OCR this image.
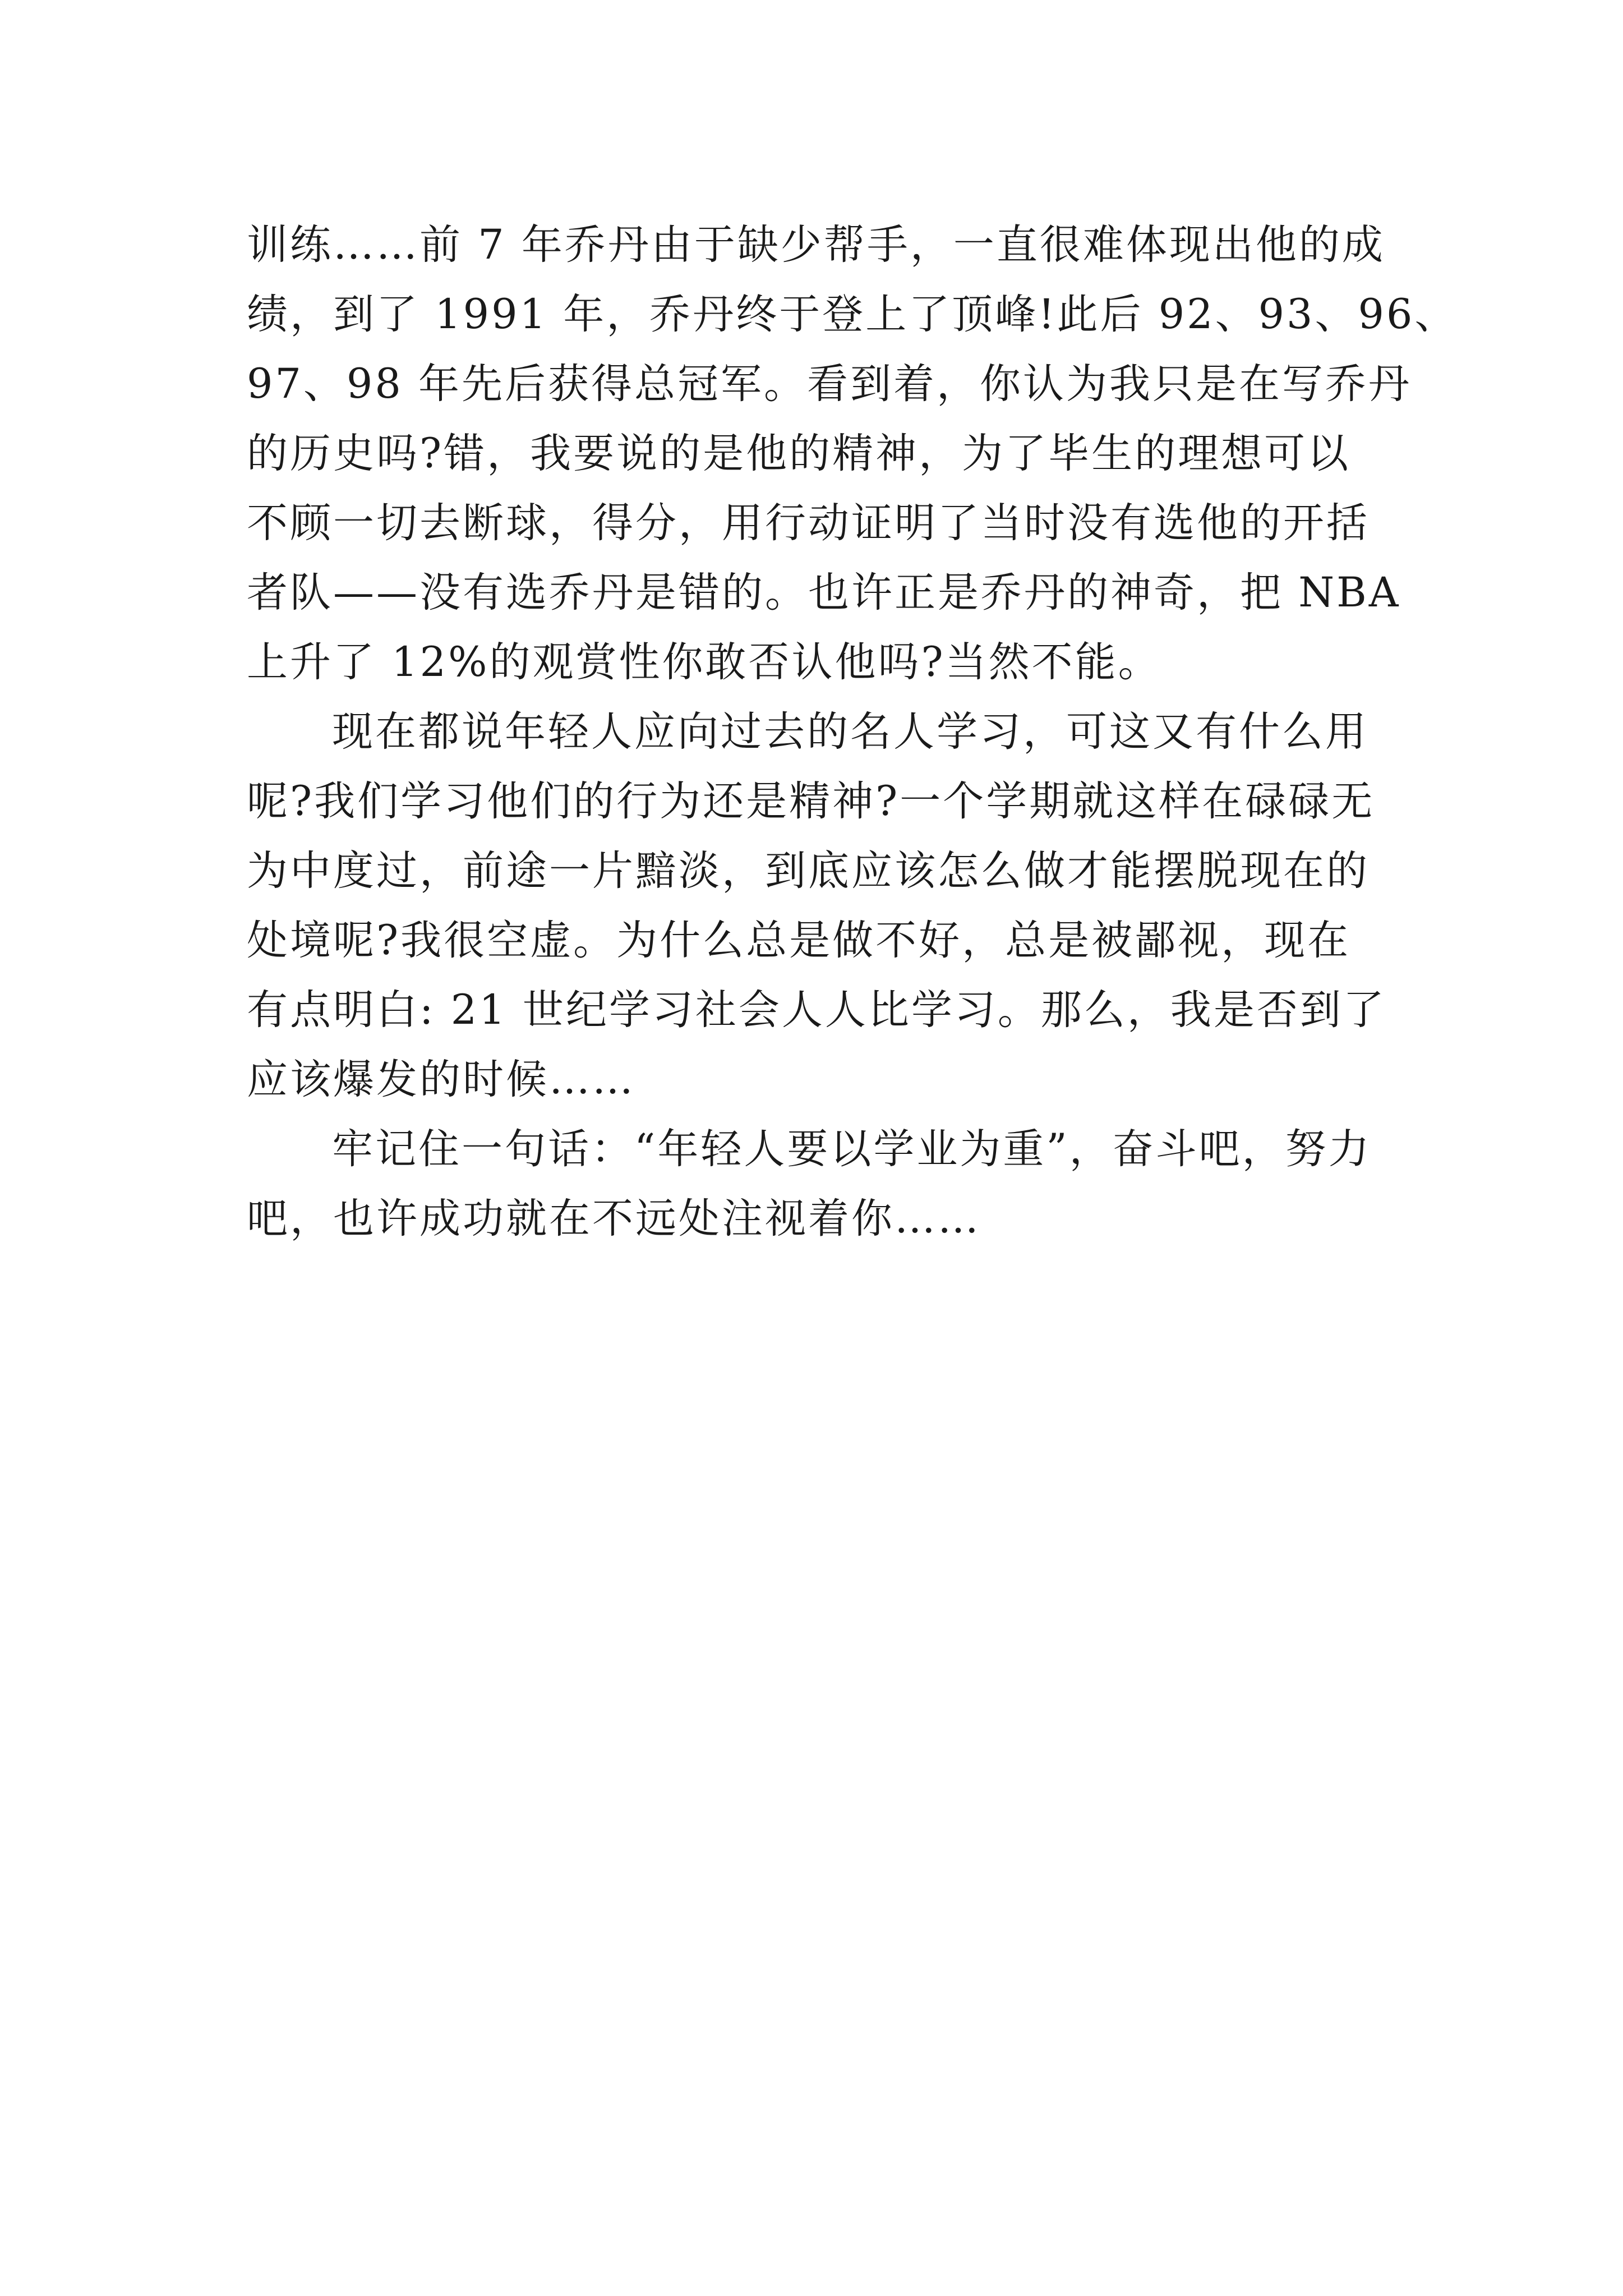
训练……前 7 年乔丹由于缺少帮手，一直很难体现出他的成
绩，到了 1991 年，乔丹终于登上了顶峰!此后 92、93、96、
97、98 年先后获得总冠军。看到着，你认为我只是在写乔丹
的历史吗?错，我要说的是他的精神，为了毕生的理想可以
不顾一切去断球，得分，用行动证明了当时没有选他的开括
者队——没有选乔丹是错的。也许正是乔丹的神奇，把 NBA
上升了 12%的观赏性你敢否认他吗?当然不能。
现在都说年轻人应向过去的名人学习，可这又有什么用
呢?我们学习他们的行为还是精神?一个学期就这样在碌碌无
为中度过，前途一片黯淡，到底应该怎么做才能摆脱现在的
处境呢?我很空虚。为什么总是做不好，总是被鄙视，现在
有点明白: 21 世纪学习社会人人比学习。那么，我是否到了
应该爆发的时候……
牢记住一句话：“年轻人要以学业为重”，奋斗吧，努力
吧，也许成功就在不远处注视着你……
